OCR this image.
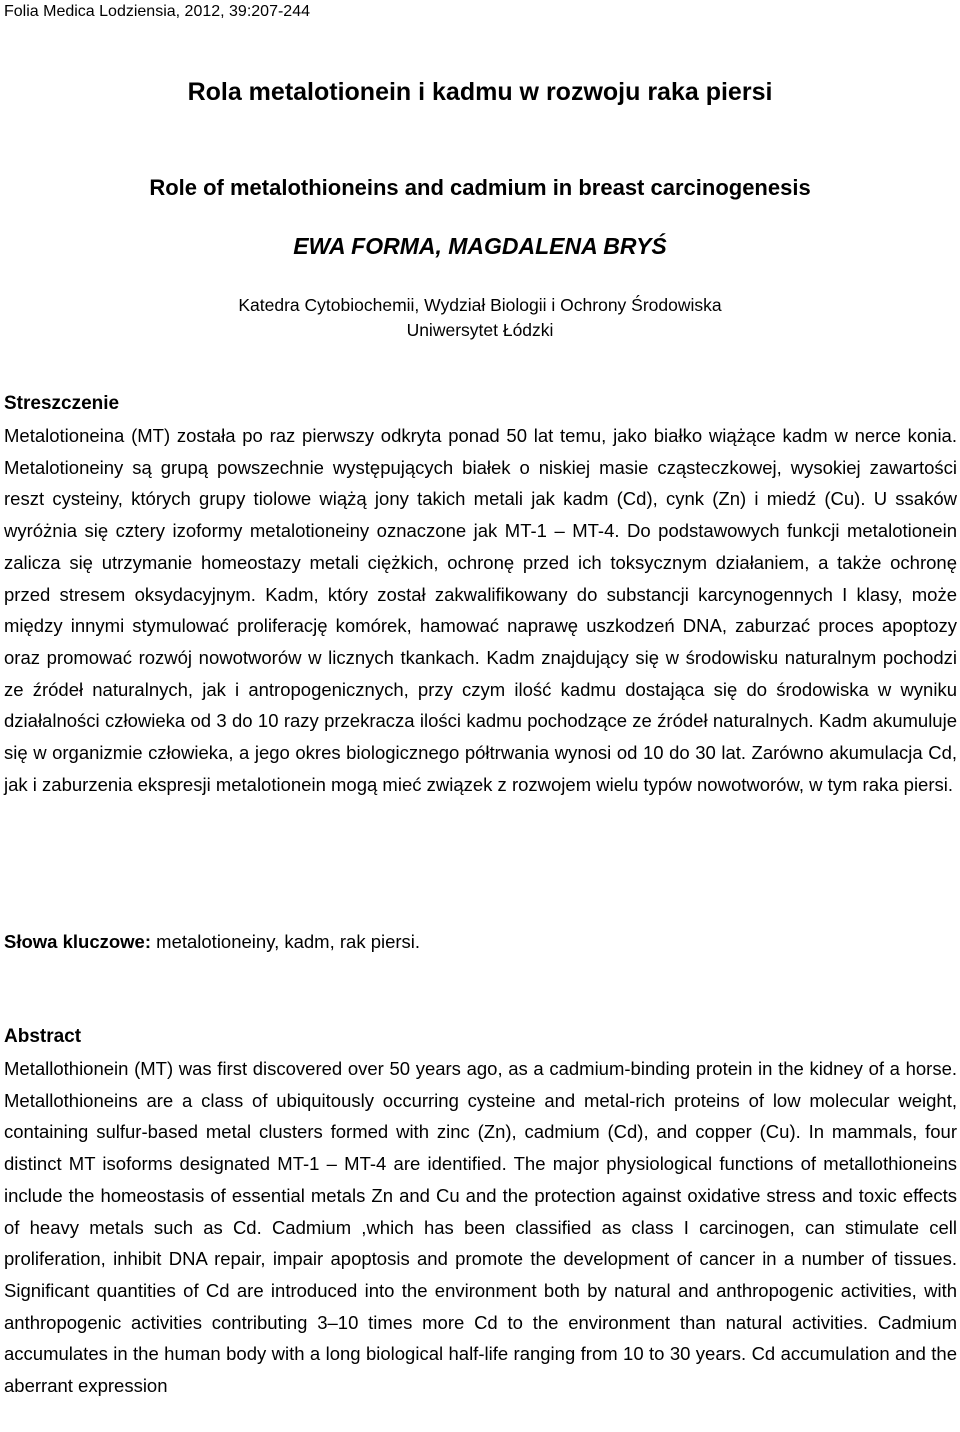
Folia Medica Lodziensia, 2012, 39:207-244

Rola metalotionein i kadmu w rozwoju raka piersi
Role of metalothioneins and cadmium in breast carcinogenesis

EWA FORMA, MAGDALENA BRYŚ

Katedra Cytobiochemii, Wydział Biologii i Ochrony Środowiska
Uniwersytet Łódzki
Streszczenie

Metalotioneina (MT) została po raz pierwszy odkryta ponad 50 lat temu, jako białko wiążące kadm w nerce konia. Metalotioneiny są grupą powszechnie występujących białek o niskiej masie cząsteczkowej, wysokiej zawartości reszt cysteiny, których grupy tiolowe wiążą jony takich metali jak kadm (Cd), cynk (Zn) i miedź (Cu). U ssaków wyróżnia się cztery izoformy metalotioneiny oznaczone jak MT-1 – MT-4. Do podstawowych funkcji metalotionein zalicza się utrzymanie homeostazy metali ciężkich, ochronę przed ich toksycznym działaniem, a także ochronę przed stresem oksydacyjnym. Kadm, który został zakwalifikowany do substancji karcynogennych I klasy, może między innymi stymulować proliferację komórek, hamować naprawę uszkodzeń DNA, zaburzać proces apoptozy oraz promować rozwój nowotworów w licznych tkankach. Kadm znajdujący się w środowisku naturalnym pochodzi ze źródeł naturalnych, jak i antropogenicznych, przy czym ilość kadmu dostająca się do środowiska w wyniku działalności człowieka od 3 do 10 razy przekracza ilości kadmu pochodzące ze źródeł naturalnych. Kadm akumuluje się w organizmie człowieka, a jego okres biologicznego półtrwania wynosi od 10 do 30 lat. Zarówno akumulacja Cd, jak i zaburzenia ekspresji metalotionein mogą mieć związek z rozwojem wielu typów nowotworów, w tym raka piersi.

Słowa kluczowe: metalotioneiny, kadm, rak piersi.

Abstract

Metallothionein (MT) was first discovered over 50 years ago, as a cadmium-binding protein in the kidney of a horse. Metallothioneins are a class of ubiquitously occurring cysteine and metal-rich proteins of low molecular weight, containing sulfur-based metal clusters formed with zinc (Zn), cadmium (Cd), and copper (Cu). In mammals, four distinct MT isoforms designated MT-1 – MT-4 are identified. The major physiological functions of metallothioneins include the homeostasis of essential metals Zn and Cu and the protection against oxidative stress and toxic effects of heavy metals such as Cd. Cadmium ,which has been classified as class I carcinogen, can stimulate cell proliferation, inhibit DNA repair, impair apoptosis and promote the development of cancer in a number of tissues. Significant quantities of Cd are introduced into the environment both by natural and anthropogenic activities, with anthropogenic activities contributing 3–10 times more Cd to the environment than natural activities. Cadmium accumulates in the human body with a long biological half-life ranging from 10 to 30 years. Cd accumulation and the aberrant expression
